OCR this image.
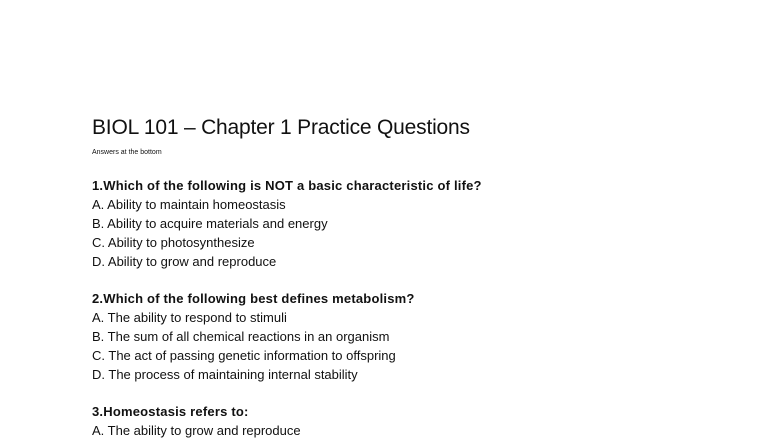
BIOL 101 – Chapter 1 Practice Questions

Answers at the bottom

1.Which of the following is NOT a basic characteristic of life?
A. Ability to maintain homeostasis
B. Ability to acquire materials and energy
C. Ability to photosynthesize
D. Ability to grow and reproduce
2.Which of the following best defines metabolism?
A. The ability to respond to stimuli
B. The sum of all chemical reactions in an organism
C. The act of passing genetic information to offspring
D. The process of maintaining internal stability
3.Homeostasis refers to:
A. The ability to grow and reproduce
